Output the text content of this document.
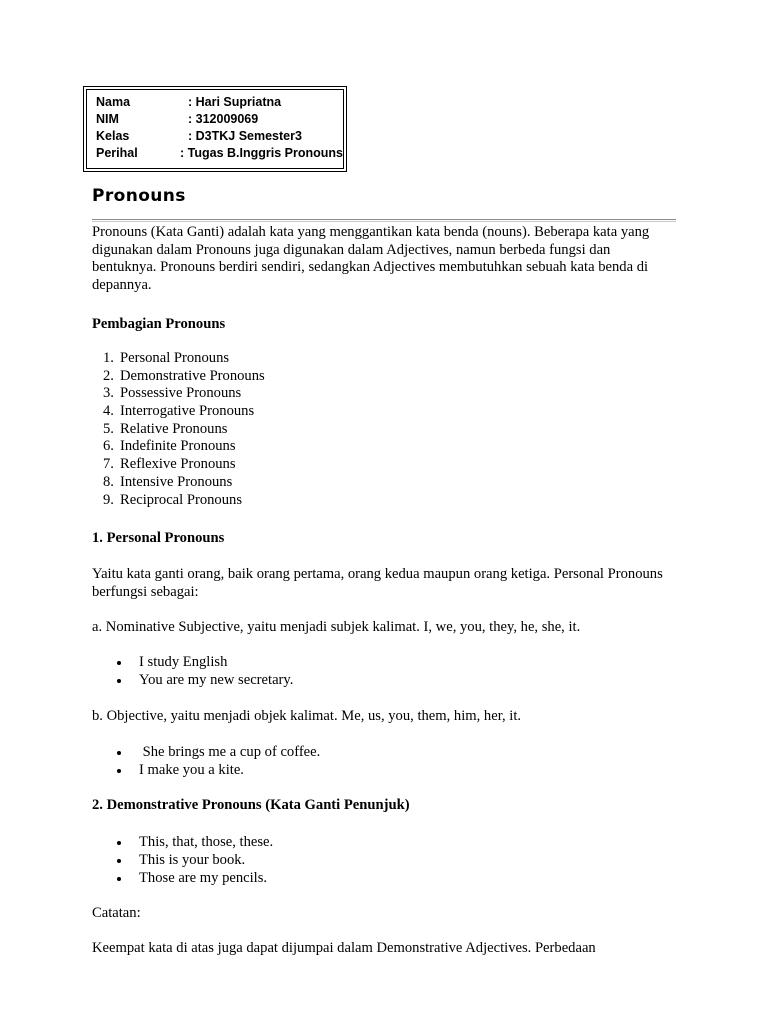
Nama	: Hari Supriatna
NIM	: 312009069
Kelas	: D3TKJ Semester3
Perihal	: Tugas B.Inggris Pronouns
Pronouns
Pronouns (Kata Ganti) adalah kata yang menggantikan kata benda (nouns). Beberapa kata yang digunakan dalam Pronouns juga digunakan dalam Adjectives, namun berbeda fungsi dan bentuknya. Pronouns berdiri sendiri, sedangkan Adjectives membutuhkan sebuah kata benda di depannya.
Pembagian Pronouns
1. Personal Pronouns
2. Demonstrative Pronouns
3. Possessive Pronouns
4. Interrogative Pronouns
5. Relative Pronouns
6. Indefinite Pronouns
7. Reflexive Pronouns
8. Intensive Pronouns
9. Reciprocal Pronouns
1. Personal Pronouns
Yaitu kata ganti orang, baik orang pertama, orang kedua maupun orang ketiga. Personal Pronouns berfungsi sebagai:
a. Nominative Subjective, yaitu menjadi subjek kalimat. I, we, you, they, he, she, it.
I study English
You are my new secretary.
b. Objective, yaitu menjadi objek kalimat. Me, us, you, them, him, her, it.
She brings me a cup of coffee.
I make you a kite.
2. Demonstrative Pronouns (Kata Ganti Penunjuk)
This, that, those, these.
This is your book.
Those are my pencils.
Catatan:
Keempat kata di atas juga dapat dijumpai dalam Demonstrative Adjectives. Perbedaan
